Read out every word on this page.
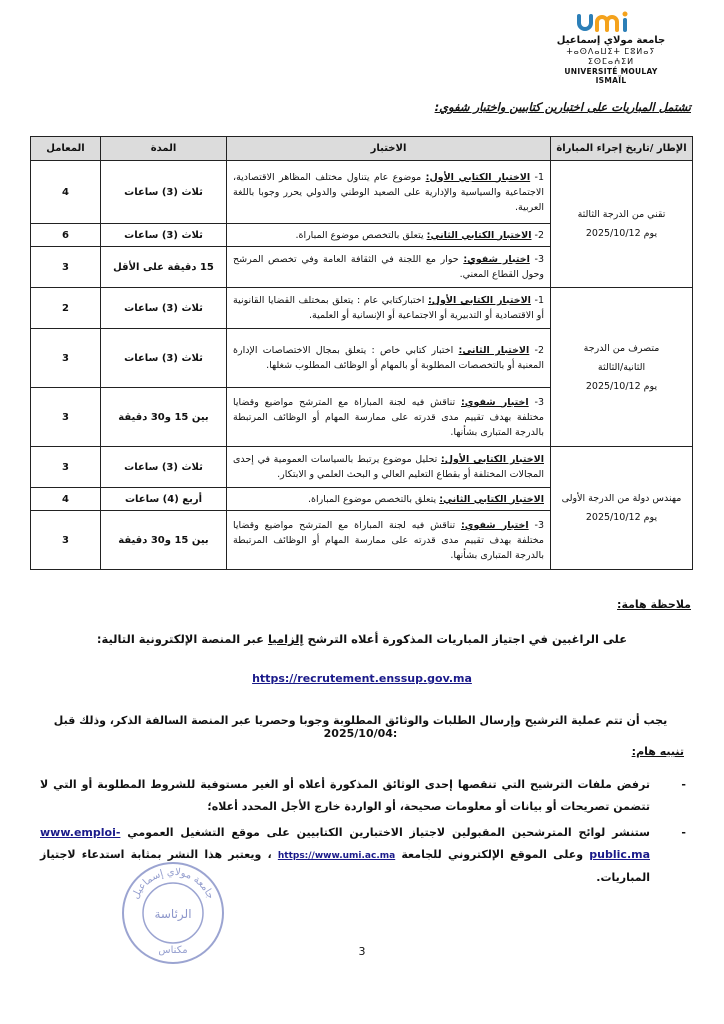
جامعة مولاي إسماعيل
ⵜⴰⵙⴷⴰⵡⵉⵜ ⵎⵓⵍⴰⵢ ⵉⵙⵎⴰⵄⵉⵍ
UNIVERSITÉ MOULAY ISMAÏL
تشتمل المباريات على اختبارين كتابيين واختبار شفوي:
الإطار /تاريخ إجراء المباراة	الاختبار	المدة	المعامل

تقني من الدرجة الثالثة
يوم 2025/10/12	1- الاختبار الكتابي الأول: موضوع عام يتناول مختلف المظاهر الاقتصادية، الاجتماعية والسياسية والإدارية على الصعيد الوطني والدولي يحرر وجوبا باللغة العربية.	ثلاث (3) ساعات	4
	2- الاختبار الكتابي الثاني: يتعلق بالتخصص موضوع المباراة.	ثلاث (3) ساعات	6
	3- اختبار شفوي: حوار مع اللجنة في الثقافة العامة وفي تخصص المرشح وحول القطاع المعني.	15 دقيقة على الأقل	3

متصرف من الدرجة
الثانية/الثالثة
يوم 2025/10/12	1- الاختبار الكتابي الأول: اختباركتابي عام : يتعلق بمختلف القضايا القانونية أو الاقتصادية أو التدبيرية أو الاجتماعية أو الإنسانية أو العلمية.	ثلاث (3) ساعات	2
	2- الاختبار الثاني: اختبار كتابي خاص : يتعلق بمجال الاختصاصات الإدارة المعنية أو بالتخصصات المطلوبة أو بالمهام أو الوظائف المطلوب شغلها.	ثلاث (3) ساعات	3
	3- اختبار شفوي: تناقش فيه لجنة المباراة مع المترشح مواضيع وقضايا مختلفة بهدف تقييم مدى قدرته على ممارسة المهام أو الوظائف المرتبطة بالدرجة المتبارى بشأنها.	بين 15 و30 دقيقة	3

مهندس دولة من الدرجة الأولى
يوم 2025/10/12	الاختبار الكتابي الأول: تحليل موضوع يرتبط بالسياسات العمومية في إحدى المجالات المختلفة أو بقطاع التعليم العالي و البحث العلمي و الابتكار.	ثلاث (3) ساعات	3
	الاختبار الكتابي الثاني: يتعلق بالتخصص موضوع المباراة.	أربع (4) ساعات	4
	3- اختبار شفوي: تناقش فيه لجنة المباراة مع المترشح مواضيع وقضايا مختلفة بهدف تقييم مدى قدرته على ممارسة المهام أو الوظائف المرتبطة بالدرجة المتبارى بشأنها.	بين 15 و30 دقيقة	3
ملاحظة هامة:
على الراغبين في اجتياز المباريات المذكورة أعلاه الترشح إلزاميا عبر المنصة الإلكترونية التالية:
https://recrutement.enssup.gov.ma
يجب أن تتم عملية الترشيح وإرسال الطلبات والوثائق المطلوبة وجوبا وحصريا عبر المنصة السالفة الذكر، وذلك قبل :2025/10/04
تنبيه هام:
- ترفض ملفات الترشيح التي تنقصها إحدى الوثائق المذكورة أعلاه أو الغير مستوفية للشروط المطلوبة أو التي لا تتضمن تصريحات أو بيانات أو معلومات صحيحة، أو الواردة خارج الأجل المحدد أعلاه؛
- ستنشر لوائح المترشحين المقبولين لاجتياز الاختبارين الكتابيين على موقع التشغيل العمومي www.emploi-public.ma وعلى الموقع الإلكتروني للجامعة https://www.umi.ac.ma ، ويعتبر هذا النشر بمثابة استدعاء لاجتياز المباريات.
جامعة مولاي إسماعيل
الرئاسة
مكناس	3
